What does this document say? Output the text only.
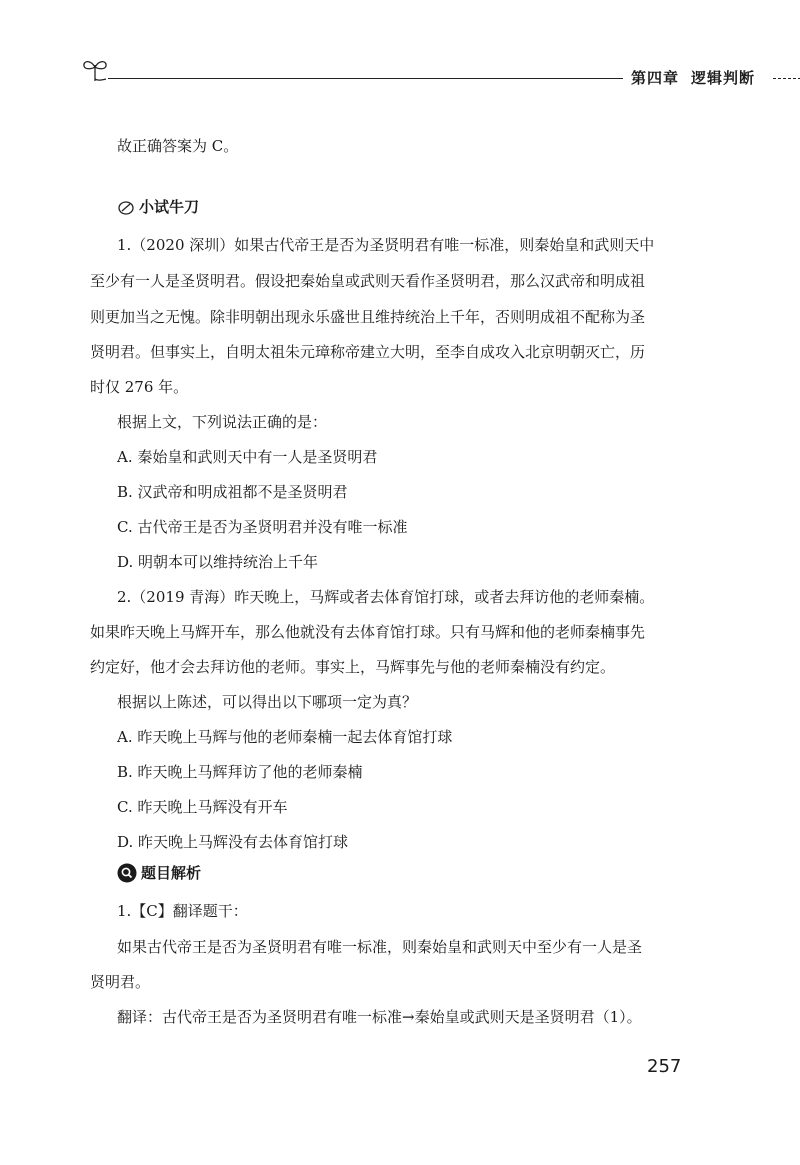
第四章 逻辑判断
故正确答案为 C。
小试牛刀
1.（2020 深圳）如果古代帝王是否为圣贤明君有唯一标准，则秦始皇和武则天中
至少有一人是圣贤明君。假设把秦始皇或武则天看作圣贤明君，那么汉武帝和明成祖
则更加当之无愧。除非明朝出现永乐盛世且维持统治上千年，否则明成祖不配称为圣
贤明君。但事实上，自明太祖朱元璋称帝建立大明，至李自成攻入北京明朝灭亡，历
时仅 276 年。
根据上文，下列说法正确的是：
A. 秦始皇和武则天中有一人是圣贤明君
B. 汉武帝和明成祖都不是圣贤明君
C. 古代帝王是否为圣贤明君并没有唯一标准
D. 明朝本可以维持统治上千年
2.（2019 青海）昨天晚上，马辉或者去体育馆打球，或者去拜访他的老师秦楠。
如果昨天晚上马辉开车，那么他就没有去体育馆打球。只有马辉和他的老师秦楠事先
约定好，他才会去拜访他的老师。事实上，马辉事先与他的老师秦楠没有约定。
根据以上陈述，可以得出以下哪项一定为真？
A. 昨天晚上马辉与他的老师秦楠一起去体育馆打球
B. 昨天晚上马辉拜访了他的老师秦楠
C. 昨天晚上马辉没有开车
D. 昨天晚上马辉没有去体育馆打球
题目解析
1.【C】翻译题干：
如果古代帝王是否为圣贤明君有唯一标准，则秦始皇和武则天中至少有一人是圣
贤明君。
翻译：古代帝王是否为圣贤明君有唯一标准→秦始皇或武则天是圣贤明君（1）。
257
